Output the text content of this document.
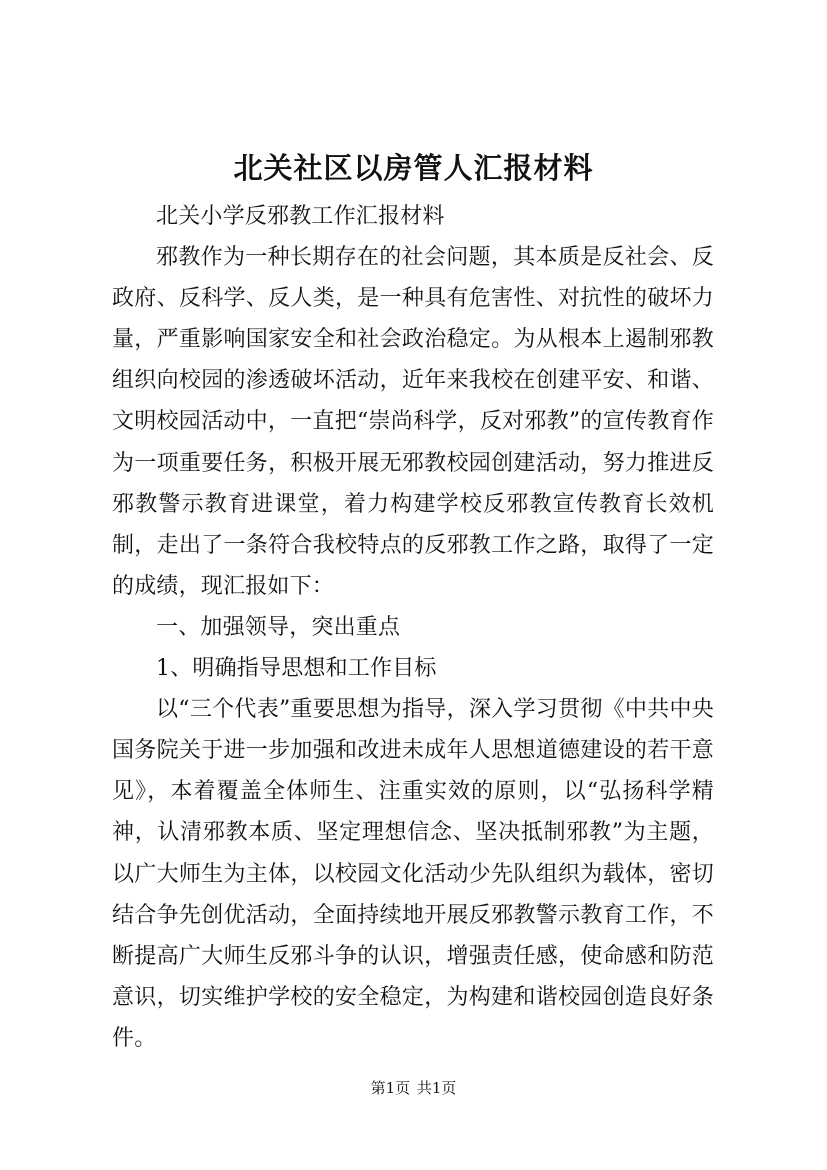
北关社区以房管人汇报材料

北关小学反邪教工作汇报材料

邪教作为一种长期存在的社会问题，其本质是反社会、反政府、反科学、反人类，是一种具有危害性、对抗性的破坏力量，严重影响国家安全和社会政治稳定。为从根本上遏制邪教组织向校园的渗透破坏活动，近年来我校在创建平安、和谐、文明校园活动中，一直把“崇尚科学，反对邪教”的宣传教育作为一项重要任务，积极开展无邪教校园创建活动，努力推进反邪教警示教育进课堂，着力构建学校反邪教宣传教育长效机制，走出了一条符合我校特点的反邪教工作之路，取得了一定的成绩，现汇报如下：

一、加强领导，突出重点

1、明确指导思想和工作目标

以“三个代表”重要思想为指导，深入学习贯彻《中共中央国务院关于进一步加强和改进未成年人思想道德建设的若干意见》，本着覆盖全体师生、注重实效的原则，以“弘扬科学精神，认清邪教本质、坚定理想信念、坚决抵制邪教”为主题，以广大师生为主体，以校园文化活动少先队组织为载体，密切结合争先创优活动，全面持续地开展反邪教警示教育工作，不断提高广大师生反邪斗争的认识，增强责任感，使命感和防范意识，切实维护学校的安全稳定，为构建和谐校园创造良好条件。

第1页 共1页
